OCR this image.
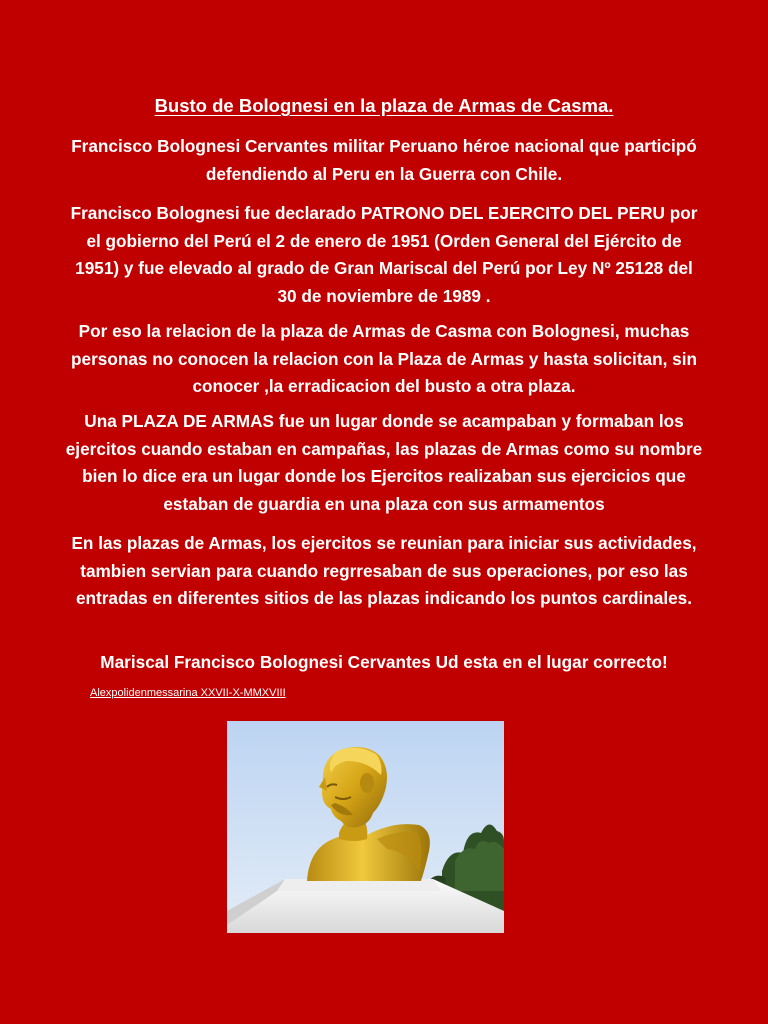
Busto de Bolognesi en la plaza de Armas de Casma.

Francisco Bolognesi Cervantes militar Peruano héroe nacional que participó defendiendo al Peru en la Guerra con Chile.

Francisco Bolognesi fue declarado PATRONO DEL EJERCITO DEL PERU por el gobierno del Perú el 2 de enero de 1951 (Orden General del Ejército de 1951) y fue elevado al grado de Gran Mariscal del Perú por Ley Nº 25128 del 30 de noviembre de 1989 .

Por eso la relacion de la plaza de Armas de Casma con Bolognesi, muchas personas no conocen la relacion con la Plaza de Armas y hasta solicitan, sin conocer ,la erradicacion del busto a otra plaza.

Una PLAZA DE ARMAS fue un lugar donde se acampaban y formaban los ejercitos cuando estaban en campañas, las plazas de Armas como su nombre bien lo dice era un lugar donde los Ejercitos realizaban sus ejercicios que estaban de guardia en una plaza con sus armamentos

En las plazas de Armas, los ejercitos se reunian para iniciar sus actividades, tambien servian para cuando regrresaban de sus operaciones, por eso las entradas en diferentes sitios de las plazas indicando los puntos cardinales.

Mariscal Francisco Bolognesi Cervantes Ud esta en el lugar correcto!

Alexpolidenmessarina XXVII-X-MMXVIII
